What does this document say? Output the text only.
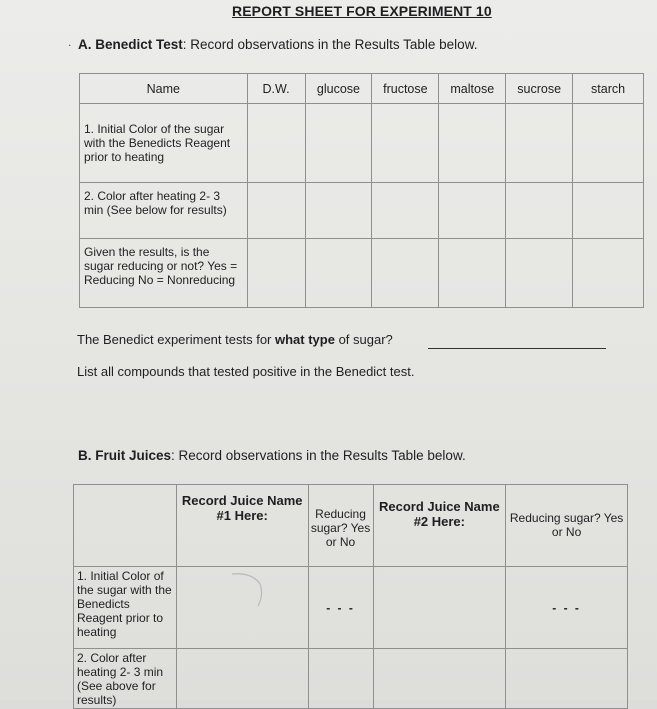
REPORT SHEET FOR EXPERIMENT 10
. A. Benedict Test: Record observations in the Results Table below.
Name	D.W.	glucose	fructose	maltose	sucrose	starch
1. Initial Color of the sugar with the Benedicts Reagent prior to heating						
2. Color after heating 2- 3 min (See below for results)						
Given the results, is the sugar reducing or not? Yes = Reducing No = Nonreducing						
The Benedict experiment tests for what type of sugar?
List all compounds that tested positive in the Benedict test.
B. Fruit Juices: Record observations in the Results Table below.
	Record Juice Name #1 Here:	Reducing sugar? Yes or No	Record Juice Name #2 Here:	Reducing sugar? Yes or No
1. Initial Color of the sugar with the Benedicts Reagent prior to heating		- - -		- - -
2. Color after heating 2- 3 min (See above for results)				
